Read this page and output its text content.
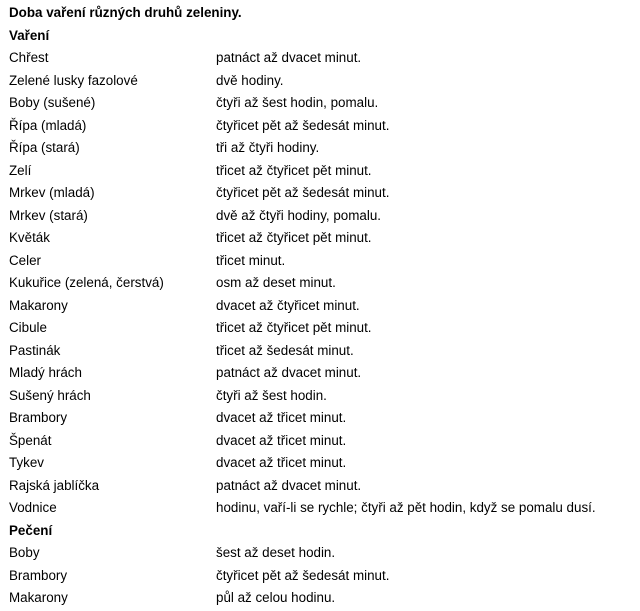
Doba vaření různých druhů zeleniny.
Vaření
Chřest	patnáct až dvacet minut.
Zelené lusky fazolové	dvě hodiny.
Boby (sušené)	čtyři až šest hodin, pomalu.
Řípa (mladá)	čtyřicet pět až šedesát minut.
Řípa (stará)	tři až čtyři hodiny.
Zelí	třicet až čtyřicet pět minut.
Mrkev (mladá)	čtyřicet pět až šedesát minut.
Mrkev (stará)	dvě až čtyři hodiny, pomalu.
Květák	třicet až čtyřicet pět minut.
Celer	třicet minut.
Kukuřice (zelená, čerstvá)	osm až deset minut.
Makarony	dvacet až čtyřicet minut.
Cibule	třicet až čtyřicet pět minut.
Pastinák	třicet až šedesát minut.
Mladý hrách	patnáct až dvacet minut.
Sušený hrách	čtyři až šest hodin.
Brambory	dvacet až třicet minut.
Špenát	dvacet až třicet minut.
Tykev	dvacet až třicet minut.
Rajská jablíčka	patnáct až dvacet minut.
Vodnice	hodinu, vaří-li se rychle; čtyři až pět hodin, když se pomalu dusí.
Pečení
Boby	šest až deset hodin.
Brambory	čtyřicet pět až šedesát minut.
Makarony	půl až celou hodinu.
